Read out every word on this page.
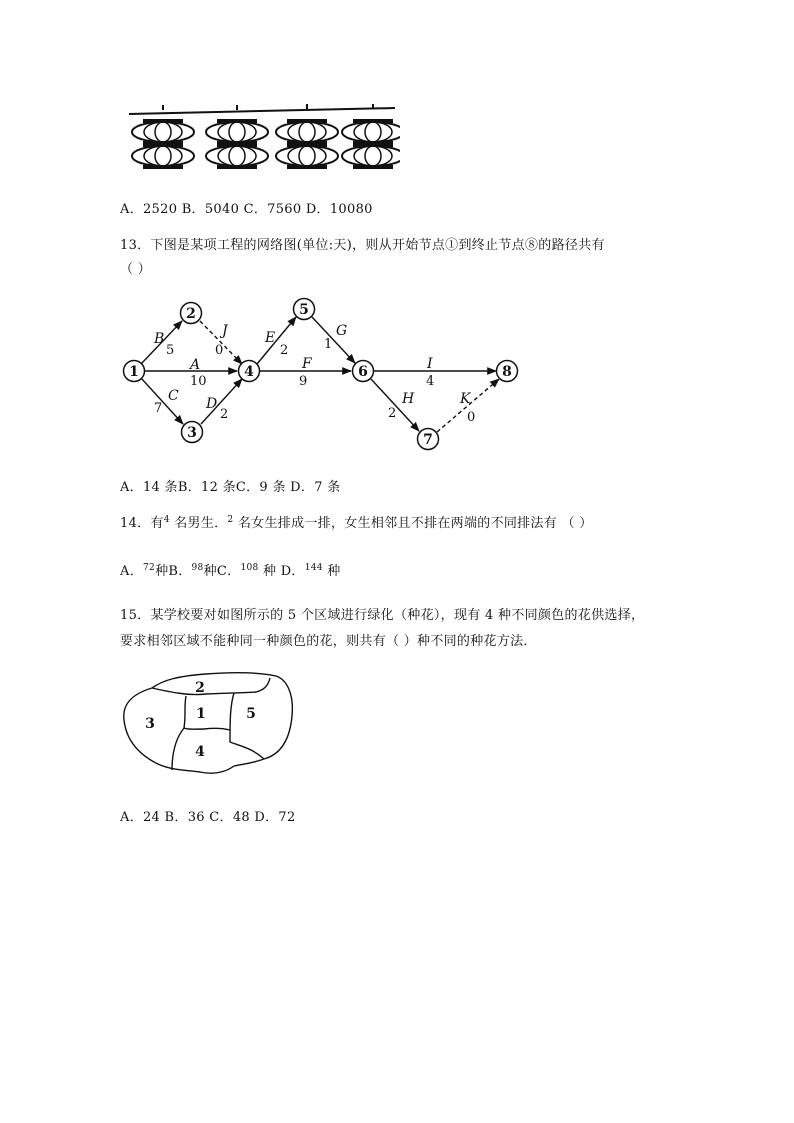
A．2520 B．5040 C．7560 D．10080
13．下图是某项工程的网络图(单位:天)，则从开始节点①到终止节点⑧的路径共有
（ ）
1
2
3
4
5
6
7
8
B
5
A
10
C
7
J
0
D
2
E
2
F
9
G
1
I
4
H
2
K
0
A．14 条B．12 条C．9 条 D．7 条
14．有$^4$ 名男生．$^2$ 名女生排成一排，女生相邻且不排在两端的不同排法有 （ ）
A．$^{72}$种B．$^{98}$种C．$^{108}$ 种 D．$^{144}$ 种
15．某学校要对如图所示的 5 个区域进行绿化（种花），现有 4 种不同颜色的花供选择，
要求相邻区域不能种同一种颜色的花，则共有（ ）种不同的种花方法．
1
2
3
4
5
A．24 B．36 C．48 D．72
